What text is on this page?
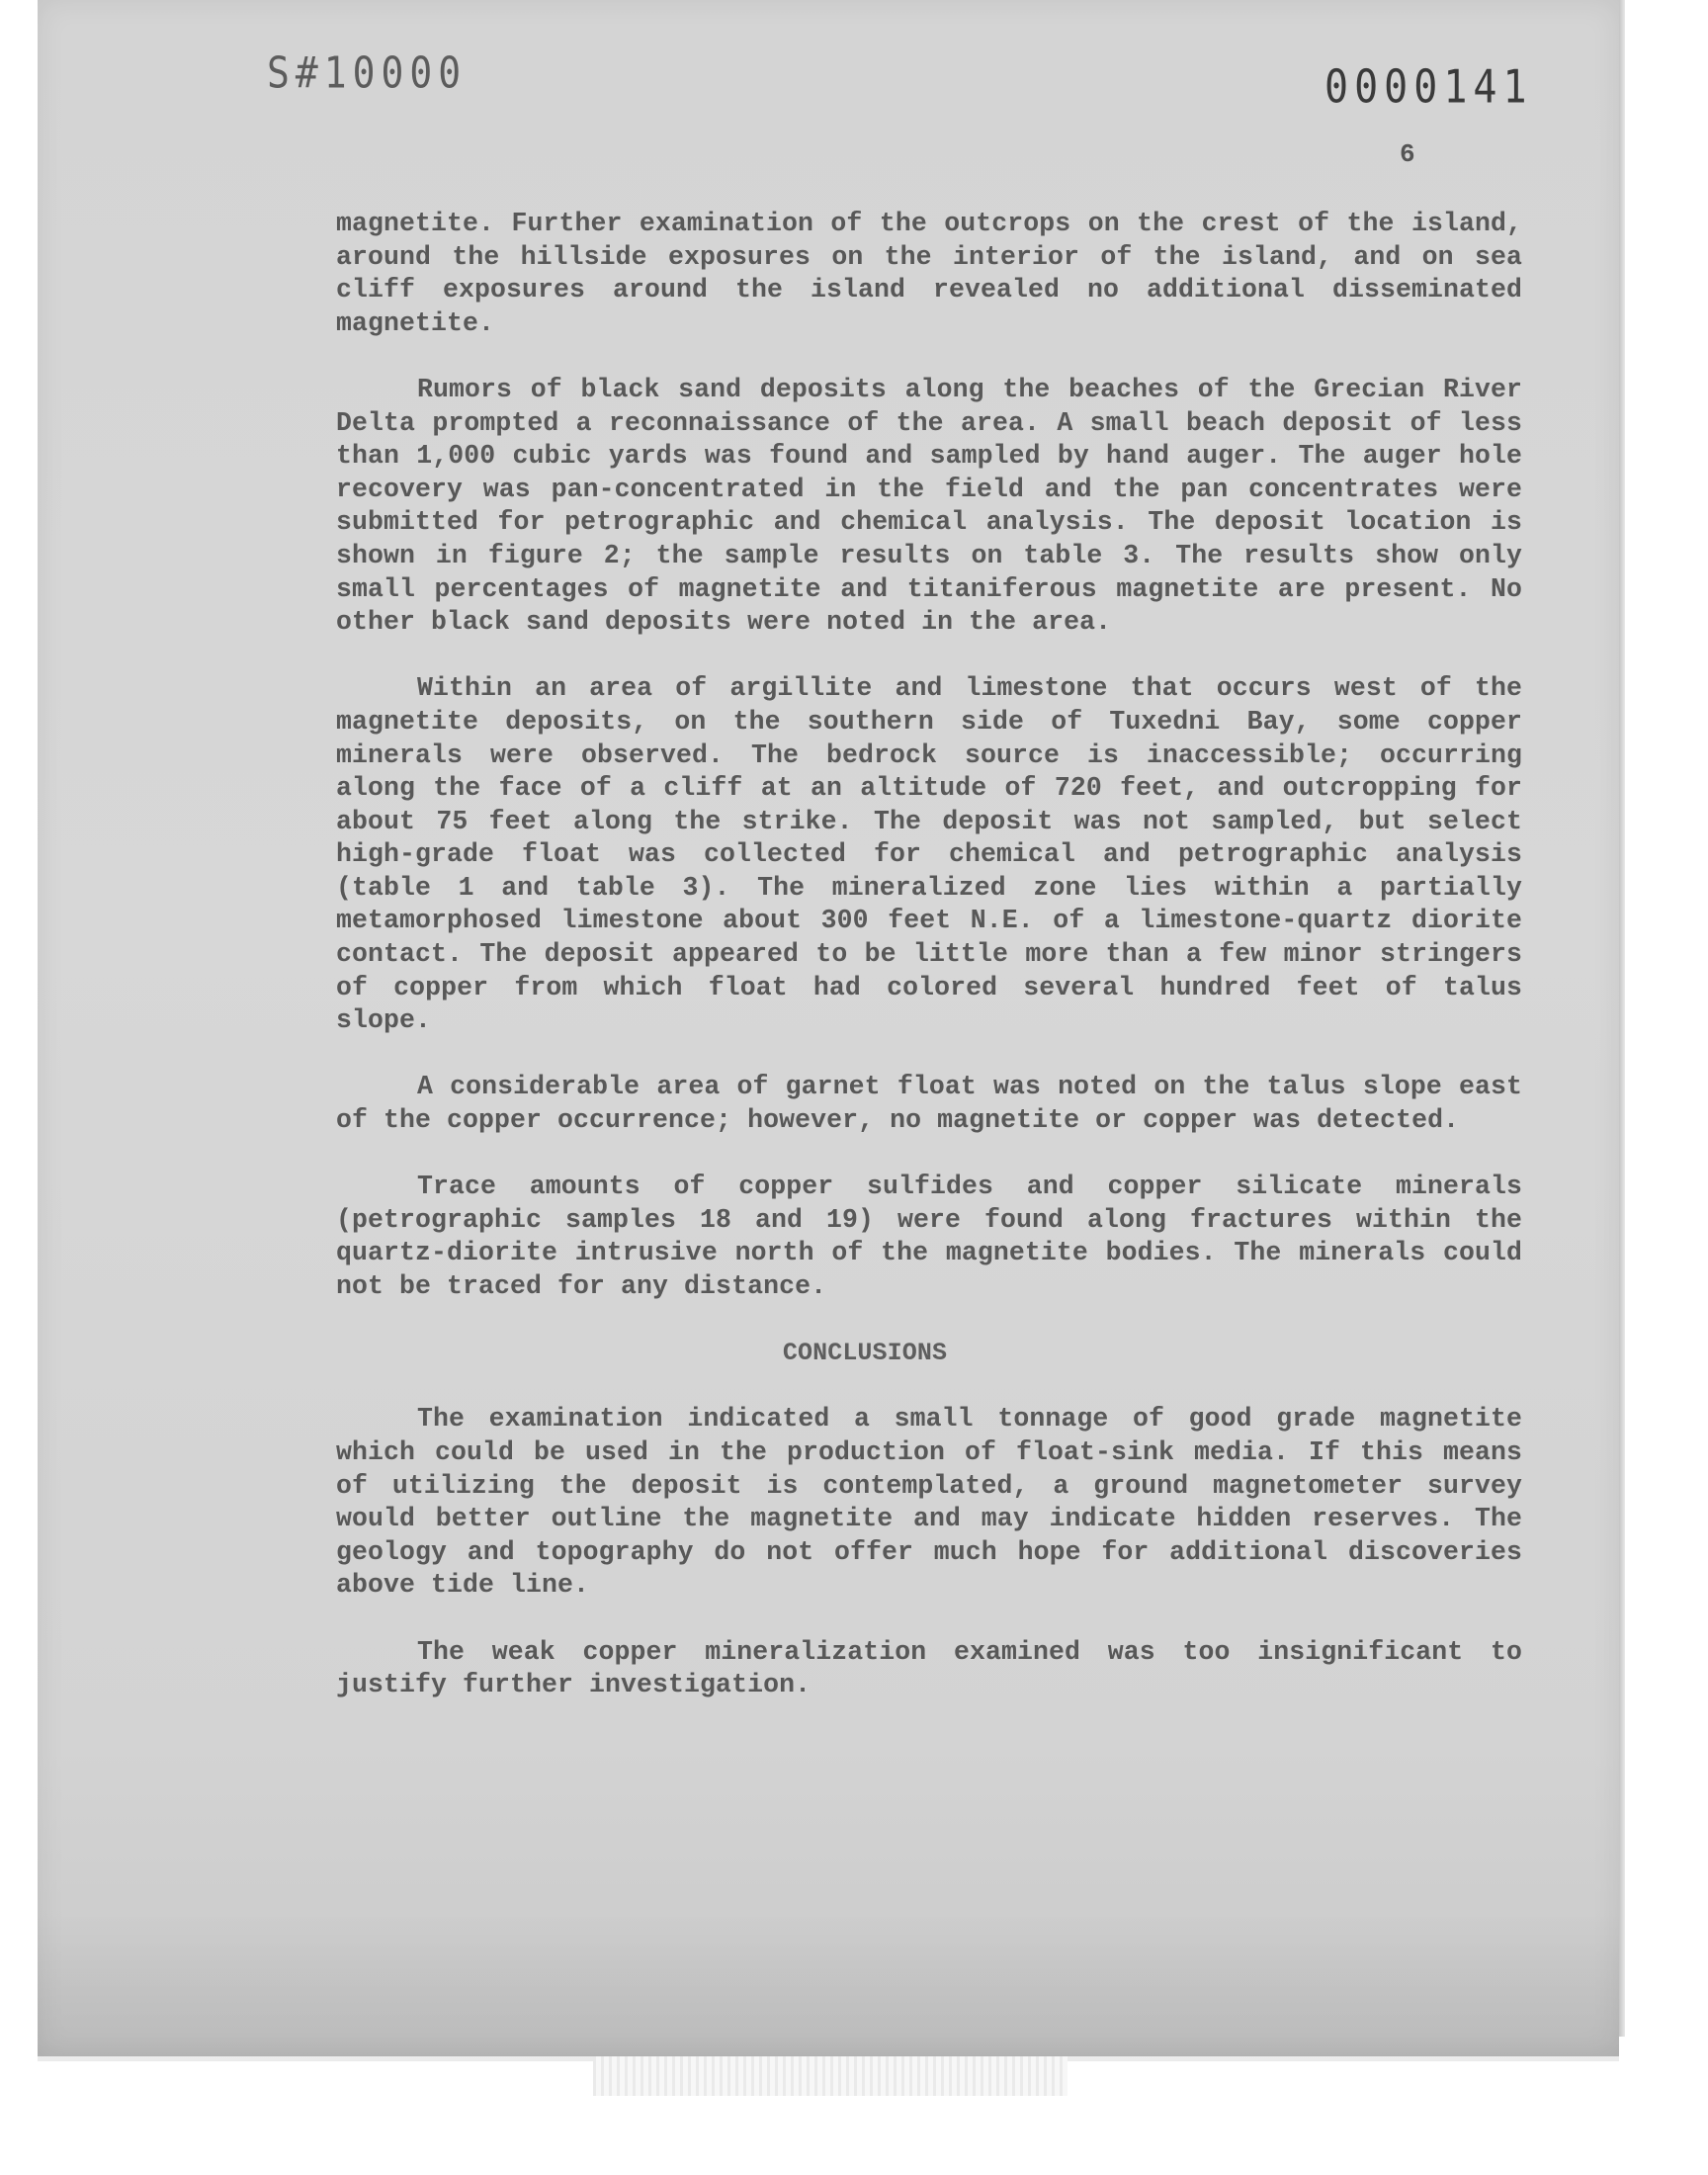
S#10000	0000141
6

magnetite. Further examination of the outcrops on the crest of the island, around the hillside exposures on the interior of the island, and on sea cliff exposures around the island revealed no additional disseminated magnetite.

Rumors of black sand deposits along the beaches of the Grecian River Delta prompted a reconnaissance of the area. A small beach deposit of less than 1,000 cubic yards was found and sampled by hand auger. The auger hole recovery was pan-concentrated in the field and the pan concentrates were submitted for petrographic and chemical analysis. The deposit location is shown in figure 2; the sample results on table 3. The results show only small percentages of magnetite and titaniferous magnetite are present. No other black sand deposits were noted in the area.

Within an area of argillite and limestone that occurs west of the magnetite deposits, on the southern side of Tuxedni Bay, some copper minerals were observed. The bedrock source is inaccessible; occurring along the face of a cliff at an altitude of 720 feet, and outcropping for about 75 feet along the strike. The deposit was not sampled, but select high-grade float was collected for chemical and petrographic analysis (table 1 and table 3). The mineralized zone lies within a partially metamorphosed limestone about 300 feet N.E. of a limestone-quartz diorite contact. The deposit appeared to be little more than a few minor stringers of copper from which float had colored several hundred feet of talus slope.

A considerable area of garnet float was noted on the talus slope east of the copper occurrence; however, no magnetite or copper was detected.

Trace amounts of copper sulfides and copper silicate minerals (petrographic samples 18 and 19) were found along fractures within the quartz-diorite intrusive north of the magnetite bodies. The minerals could not be traced for any distance.

CONCLUSIONS

The examination indicated a small tonnage of good grade magnetite which could be used in the production of float-sink media. If this means of utilizing the deposit is contemplated, a ground magnetometer survey would better outline the magnetite and may indicate hidden reserves. The geology and topography do not offer much hope for additional discoveries above tide line.

The weak copper mineralization examined was too insignificant to justify further investigation.
